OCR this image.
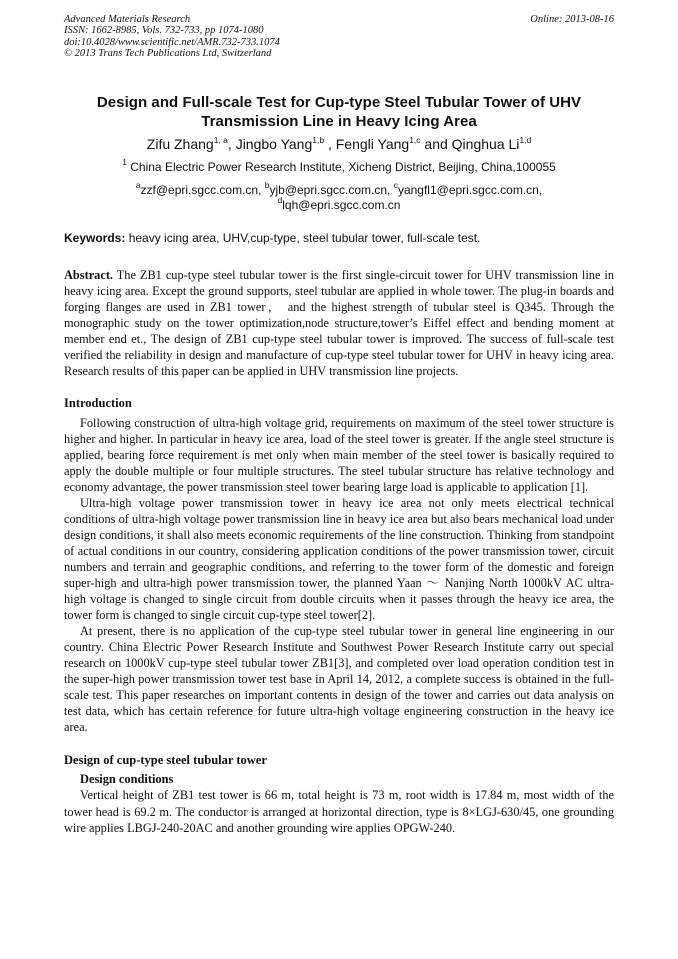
Advanced Materials Research
ISSN: 1662-8985, Vols. 732-733, pp 1074-1080
doi:10.4028/www.scientific.net/AMR.732-733.1074
© 2013 Trans Tech Publications Ltd, Switzerland
Online: 2013-08-16
Design and Full-scale Test for Cup-type Steel Tubular Tower of UHV
Transmission Line in Heavy Icing Area
Zifu Zhang$^{1, a}$, Jingbo Yang$^{1,b}$ , Fengli Yang$^{1,c}$ and Qinghua Li$^{1,d}$
$^1$ China Electric Power Research Institute, Xicheng District, Beijing, China,100055
$^a$zzf@epri.sgcc.com.cn, $^b$yjb@epri.sgcc.com.cn, $^c$yangfl1@epri.sgcc.com.cn,
$^d$lqh@epri.sgcc.com.cn
Keywords: heavy icing area, UHV,cup-type, steel tubular tower, full-scale test.
Abstract. The ZB1 cup-type steel tubular tower is the first single-circuit tower for UHV transmission line in heavy icing area. Except the ground supports, steel tubular are applied in whole tower. The plug-in boards and forging flanges are used in ZB1 tower， and the highest strength of tubular steel is Q345. Through the monographic study on the tower optimization,node structure,tower’s Eiffel effect and bending moment at member end et., The design of ZB1 cup-type steel tubular tower is improved. The success of full-scale test verified the reliability in design and manufacture of cup-type steel tubular tower for UHV in heavy icing area. Research results of this paper can be applied in UHV transmission line projects.
Introduction

Following construction of ultra-high voltage grid, requirements on maximum of the steel tower structure is higher and higher. In particular in heavy ice area, load of the steel tower is greater. If the angle steel structure is applied, bearing force requirement is met only when main member of the steel tower is basically required to apply the double multiple or four multiple structures. The steel tubular structure has relative technology and economy advantage, the power transmission steel tower bearing large load is applicable to application [1].

Ultra-high voltage power transmission tower in heavy ice area not only meets electrical technical conditions of ultra-high voltage power transmission line in heavy ice area but also bears mechanical load under design conditions, it shall also meets economic requirements of the line construction. Thinking from standpoint of actual conditions in our country, considering application conditions of the power transmission tower, circuit numbers and terrain and geographic conditions, and referring to the tower form of the domestic and foreign super-high and ultra-high power transmission tower, the planned Yaan ～ Nanjing North 1000kV AC ultra-high voltage is changed to single circuit from double circuits when it passes through the heavy ice area, the tower form is changed to single circuit cup-type steel tower[2].

At present, there is no application of the cup-type steel tubular tower in general line engineering in our country. China Electric Power Research Institute and Southwest Power Research Institute carry out special research on 1000kV cup-type steel tubular tower ZB1[3], and completed over load operation condition test in the super-high power transmission tower test base in April 14, 2012, a complete success is obtained in the full-scale test. This paper researches on important contents in design of the tower and carries out data analysis on test data, which has certain reference for future ultra-high voltage engineering construction in the heavy ice area.

Design of cup-type steel tubular tower
Design conditions

Vertical height of ZB1 test tower is 66 m, total height is 73 m, root width is 17.84 m, most width of the tower head is 69.2 m. The conductor is arranged at horizontal direction, type is 8×LGJ-630/45, one grounding wire applies LBGJ-240-20AC and another grounding wire applies OPGW-240.
